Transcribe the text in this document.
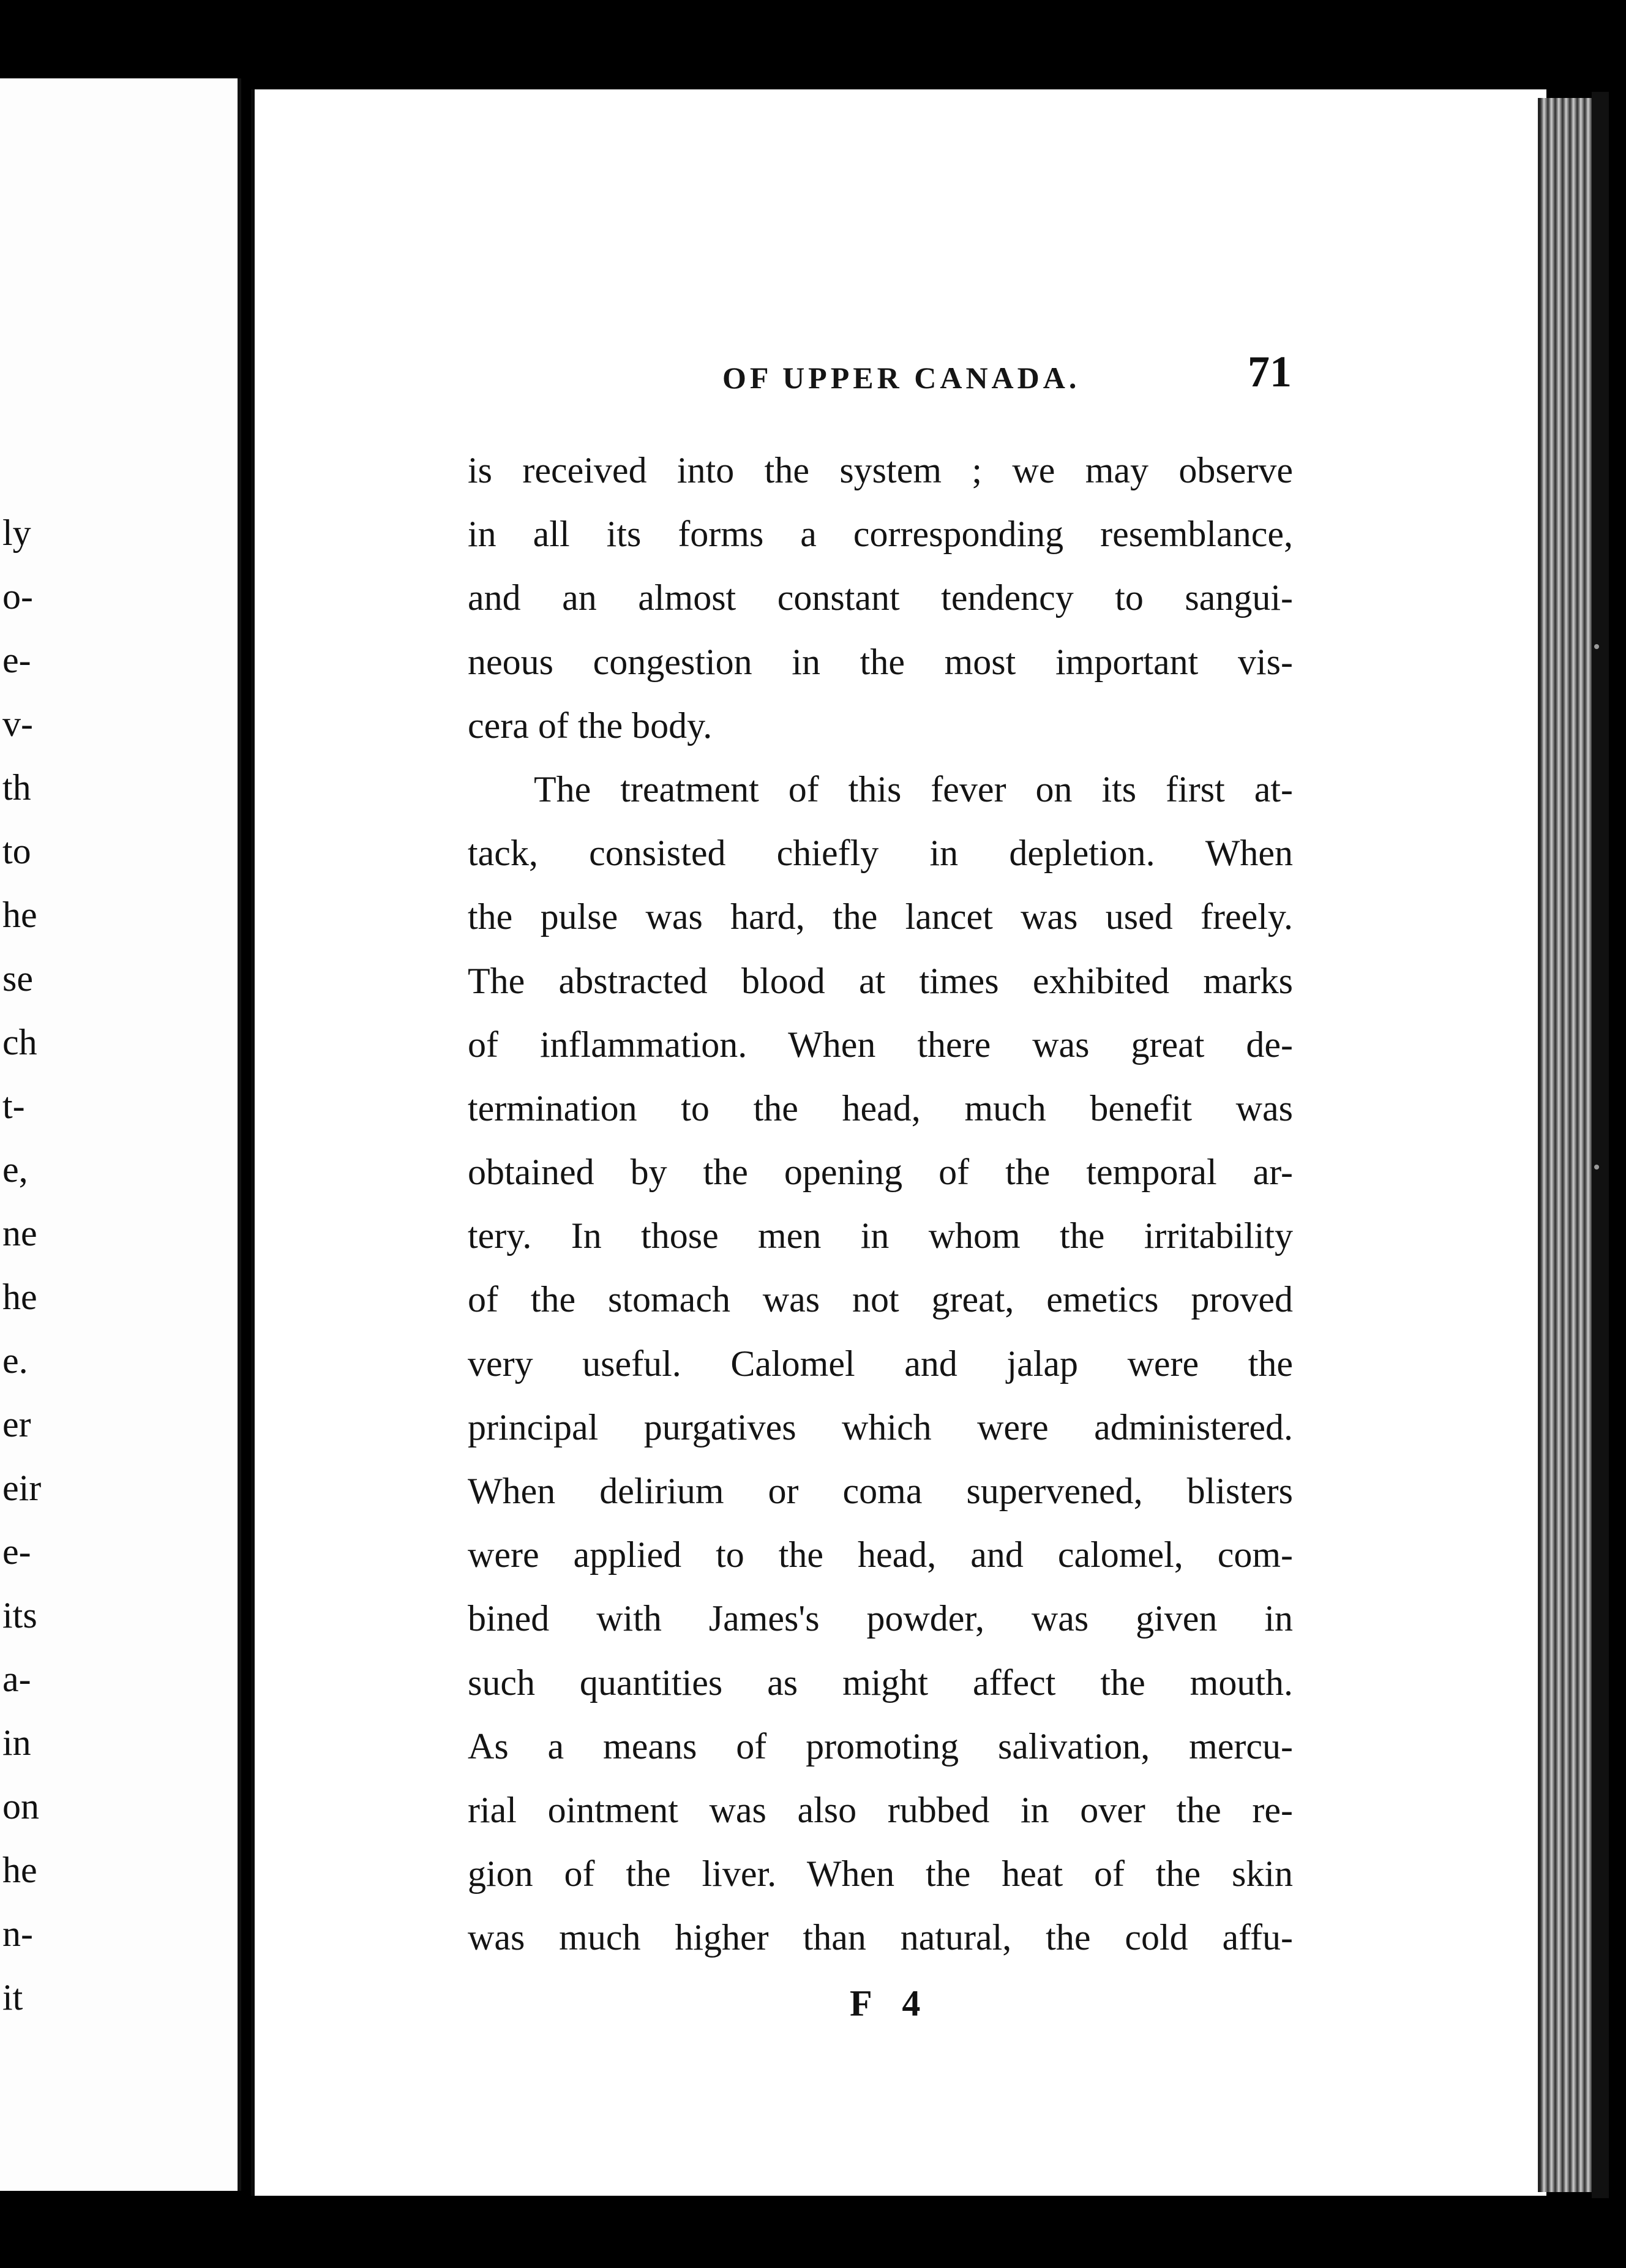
ly
o-
e-
v-
th
to
he
se
ch
t-
e,
ne
he
e.
er
eir
e-
its
a-
in
on
he
n-
it
OF UPPER CANADA.	71
is received into the system ; we may observe
in all its forms a corresponding resemblance,
and an almost constant tendency to sangui-
neous congestion in the most important vis-
cera of the body.
The treatment of this fever on its first at-
tack, consisted chiefly in depletion. When
the pulse was hard, the lancet was used freely.
The abstracted blood at times exhibited marks
of inflammation. When there was great de-
termination to the head, much benefit was
obtained by the opening of the temporal ar-
tery. In those men in whom the irritability
of the stomach was not great, emetics proved
very useful. Calomel and jalap were the
principal purgatives which were administered.
When delirium or coma supervened, blisters
were applied to the head, and calomel, com-
bined with James's powder, was given in
such quantities as might affect the mouth.
As a means of promoting salivation, mercu-
rial ointment was also rubbed in over the re-
gion of the liver. When the heat of the skin
was much higher than natural, the cold affu-
F 4
